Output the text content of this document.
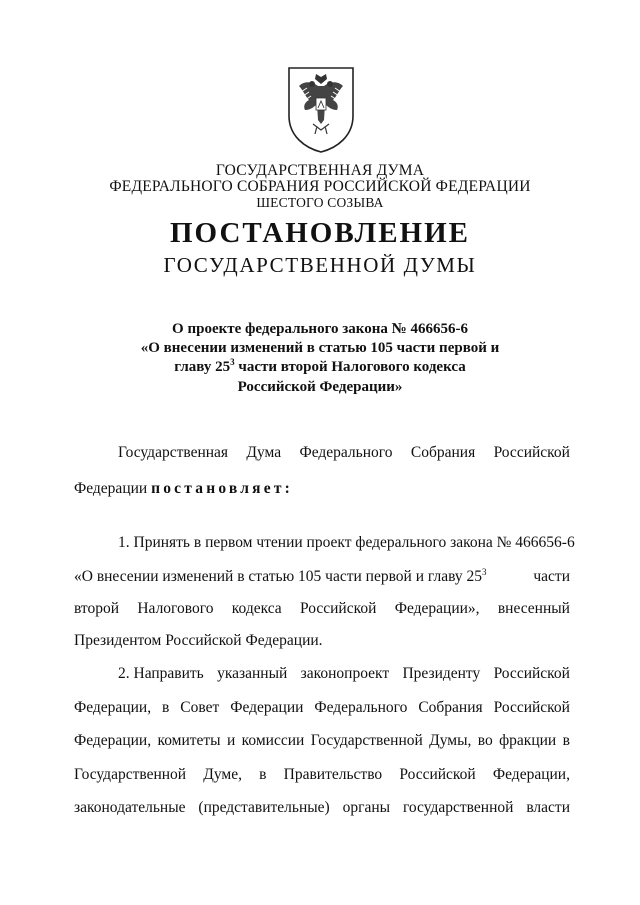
ГОСУДАРСТВЕННАЯ ДУМА
ФЕДЕРАЛЬНОГО СОБРАНИЯ РОССИЙСКОЙ ФЕДЕРАЦИИ
ШЕСТОГО СОЗЫВА
ПОСТАНОВЛЕНИЕ
ГОСУДАРСТВЕННОЙ ДУМЫ
О проекте федерального закона № 466656-6
«О внесении изменений в статью 105 части первой и
главу $25^3$ части второй Налогового кодекса
Российской Федерации»
Государственная Дума Федерального Собрания Российской
Федерации постановляет:
1. Принять в первом чтении проект федерального закона № 466656-6
«О внесении изменений в статью 105 части первой и главу $25^3$	части
второй Налогового кодекса Российской Федерации», внесенный
Президентом Российской Федерации.
2. Направить указанный законопроект Президенту Российской
Федерации, в Совет Федерации Федерального Собрания Российской
Федерации, комитеты и комиссии Государственной Думы, во фракции в
Государственной Думе, в Правительство Российской Федерации,
законодательные (представительные) органы государственной власти
